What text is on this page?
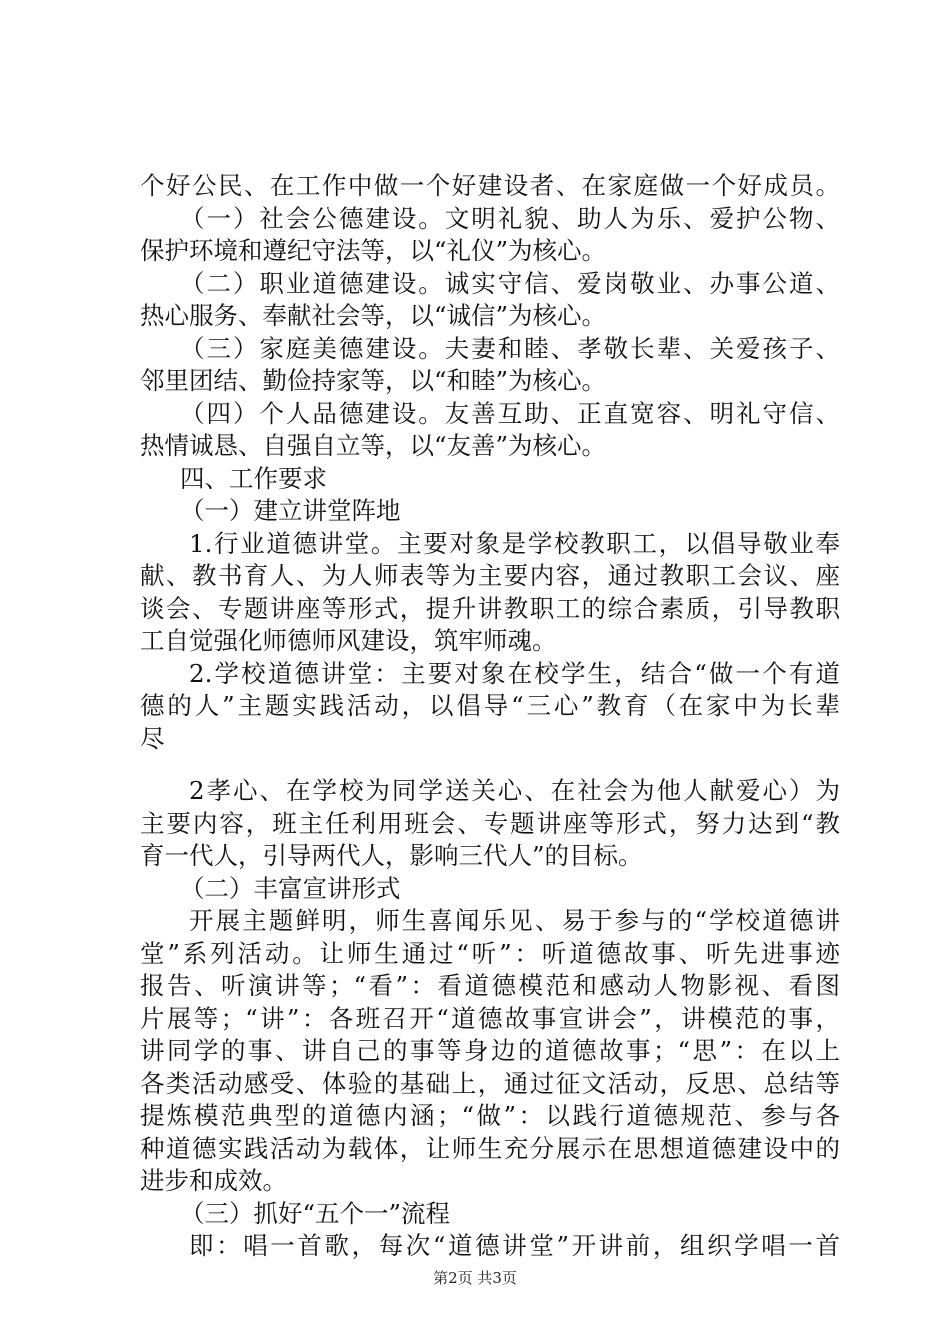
个好公民、在工作中做一个好建设者、在家庭做一个好成员。
（一）社会公德建设。文明礼貌、助人为乐、爱护公物、
保护环境和遵纪守法等，以“礼仪”为核心。
（二）职业道德建设。诚实守信、爱岗敬业、办事公道、
热心服务、奉献社会等，以“诚信”为核心。
（三）家庭美德建设。夫妻和睦、孝敬长辈、关爱孩子、
邻里团结、勤俭持家等，以“和睦”为核心。
（四）个人品德建设。友善互助、正直宽容、明礼守信、
热情诚恳、自强自立等，以“友善”为核心。
四、工作要求
（一）建立讲堂阵地
1.行业道德讲堂。主要对象是学校教职工，以倡导敬业奉
献、教书育人、为人师表等为主要内容，通过教职工会议、座
谈会、专题讲座等形式，提升讲教职工的综合素质，引导教职
工自觉强化师德师风建设，筑牢师魂。
2.学校道德讲堂：主要对象在校学生，结合“做一个有道
德的人”主题实践活动，以倡导“三心”教育（在家中为长辈
尽
2孝心、在学校为同学送关心、在社会为他人献爱心）为
主要内容，班主任利用班会、专题讲座等形式，努力达到“教
育一代人，引导两代人，影响三代人”的目标。
（二）丰富宣讲形式
开展主题鲜明，师生喜闻乐见、易于参与的“学校道德讲
堂”系列活动。让师生通过“听”：听道德故事、听先进事迹
报告、听演讲等；“看”：看道德模范和感动人物影视、看图
片展等；“讲”：各班召开“道德故事宣讲会”，讲模范的事，
讲同学的事、讲自己的事等身边的道德故事；“思”：在以上
各类活动感受、体验的基础上，通过征文活动，反思、总结等
提炼模范典型的道德内涵；“做”：以践行道德规范、参与各
种道德实践活动为载体，让师生充分展示在思想道德建设中的
进步和成效。
（三）抓好“五个一”流程
即：唱一首歌，每次“道德讲堂”开讲前，组织学唱一首
第2页 共3页
